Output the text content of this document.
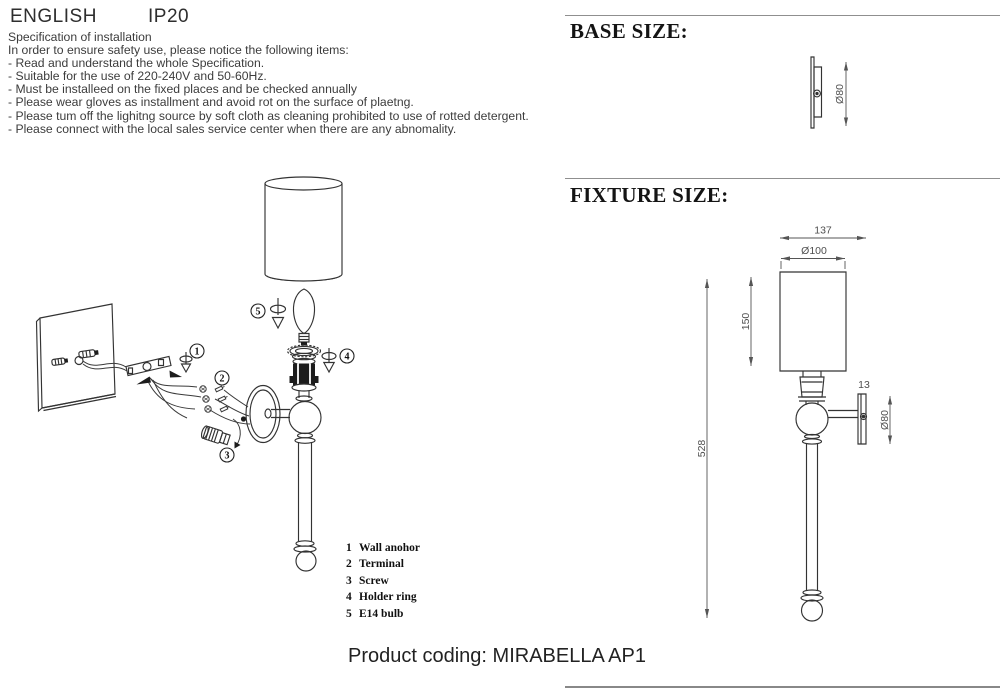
ENGLISH	IP20
Specification of installation
In order to ensure safety use, please notice the following items:
- Read and understand the whole Specification.
- Suitable for the use of 220-240V and 50-60Hz.
- Must be installeed on the fixed places and be checked annually
- Please wear gloves as installment and avoid rot on the surface of plaetng.
- Please tum off the lighitng source by soft cloth as cleaning prohibited to use of rotted detergent.
- Please connect with the local sales service center when there are any abnomality.
BASE SIZE:
FIXTURE SIZE:
1 Wall anohor
2 Terminal
3 Screw
4 Holder ring
5 E14 bulb
Product coding: MIRABELLA AP1
5
4
1
2
3
Ø80
137
Ø100
150
528
13
Ø80
